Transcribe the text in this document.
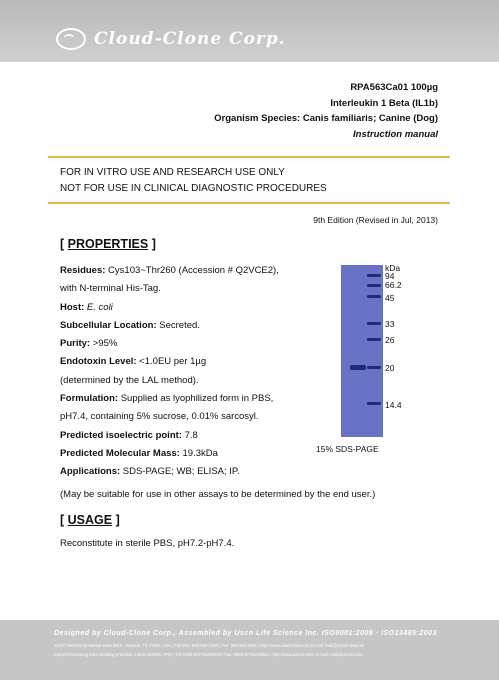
Cloud-Clone Corp.
RPA563Ca01 100µg
Interleukin 1 Beta (IL1b)
Organism Species: Canis familiaris; Canine (Dog)
Instruction manual
FOR IN VITRO USE AND RESEARCH USE ONLY
NOT FOR USE IN CLINICAL DIAGNOSTIC PROCEDURES
9th Edition (Revised in Jul, 2013)
[ PROPERTIES ]
Residues: Cys103~Thr260 (Accession # Q2VCE2),
with N-terminal His-Tag.
Host: E. coli
Subcellular Location: Secreted.
Purity: >95%
Endotoxin Level: <1.0EU per 1µg
(determined by the LAL method).
Formulation: Supplied as lyophilized form in PBS,
pH7.4, containing 5% sucrose, 0.01% sarcosyl.
Predicted isoelectric point: 7.8
Predicted Molecular Mass: 19.3kDa
Applications: SDS-PAGE; WB; ELISA; IP.
kDa
94
66.2
45
33
26
20
14.4
15% SDS-PAGE
(May be suitable for use in other assays to be determined by the end user.)
[ USAGE ]
Reconstitute in sterile PBS, pH7.2-pH7.4.
Designed by Cloud-Clone Corp., Assembled by Uscn Life Science Inc. ISO9001:2008 · ISO13485:2003
1137C Richmond Avenue Suite 9918, Houston, TX 77082, USA | Toll-free: 800-660-7400 | Fax: 866-933-3396 | http://www.cloud-clone.us | E-mail: mail@cloud-clone.us
Export Processing Zone Building 5 Wuhan, Hubei 430056, PRC | Tel: 0086-027-84259002 | Fax: 0086-27-84259551 | http://www.uscnk.com | E-mail: mail@uscnk.com
